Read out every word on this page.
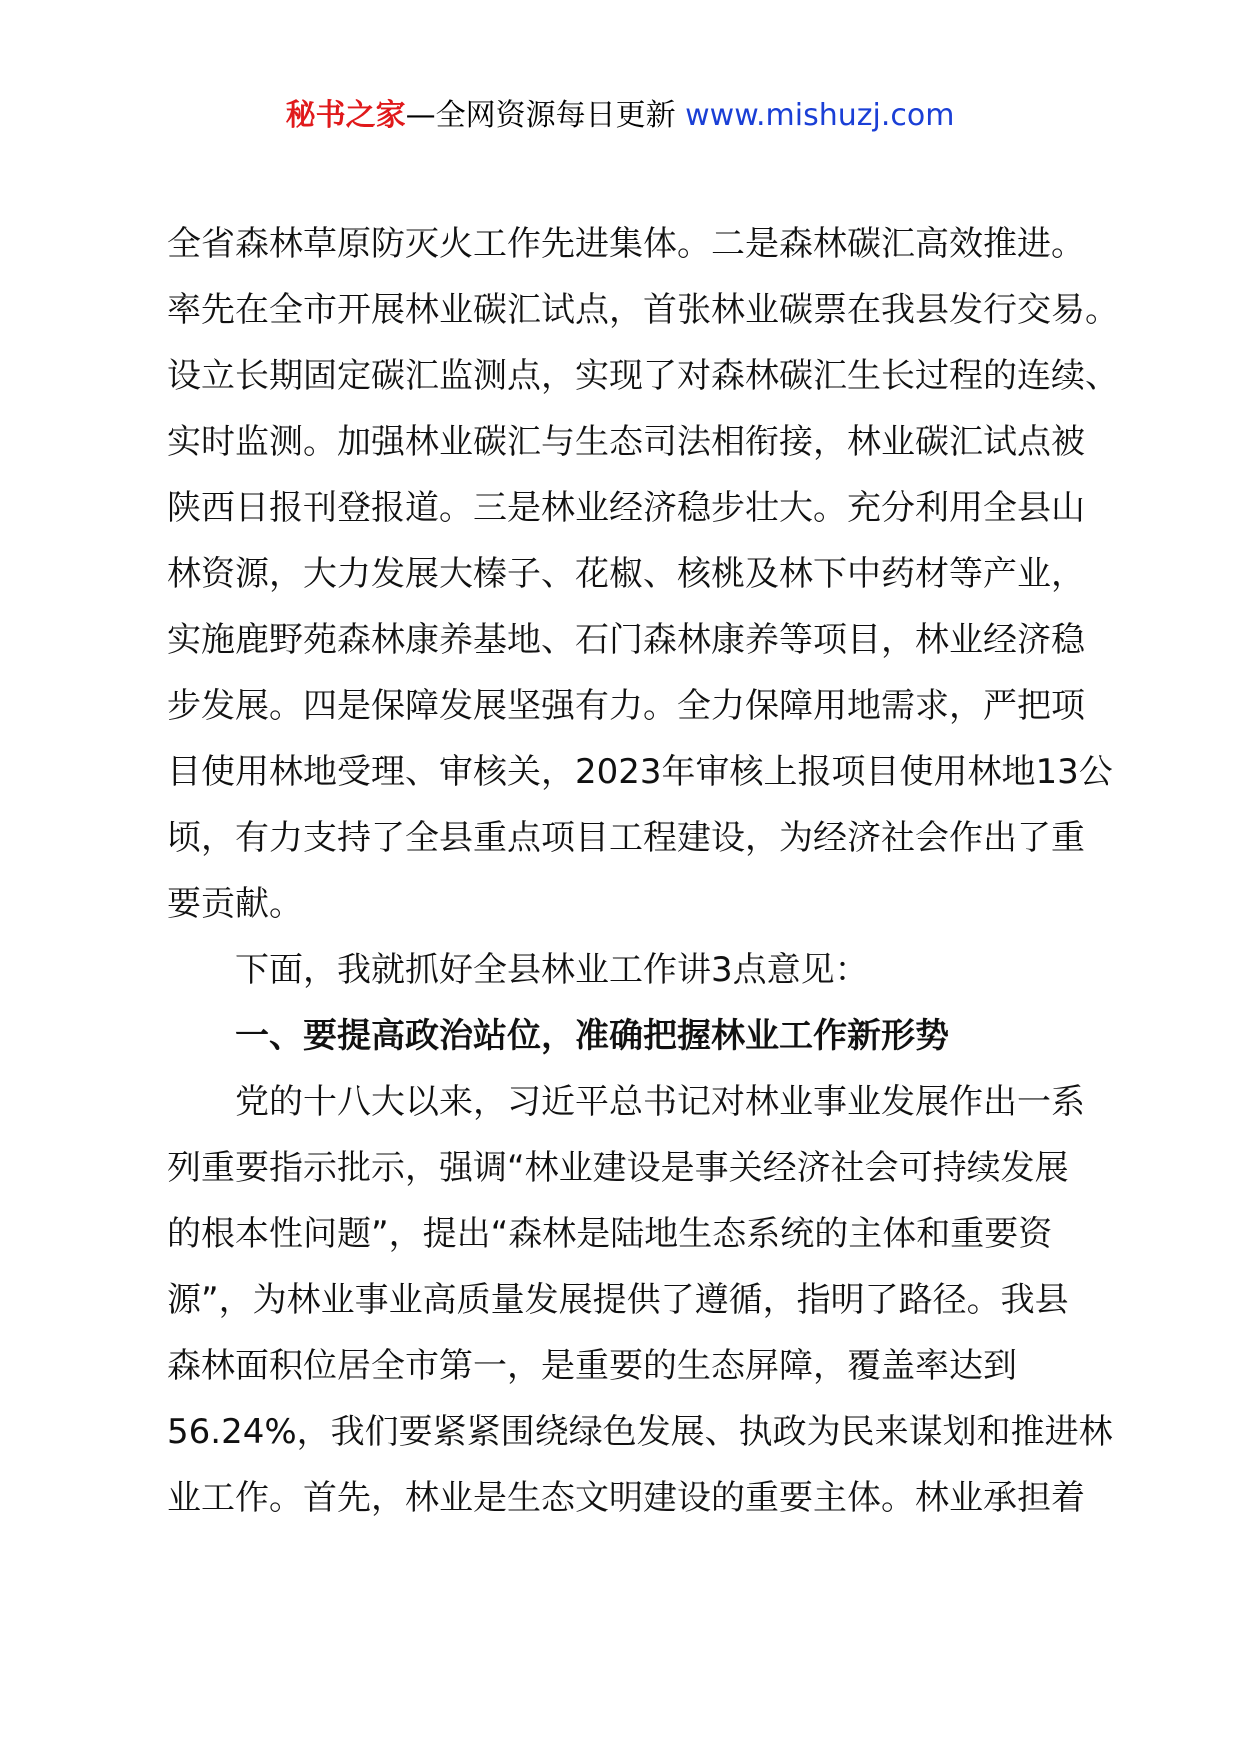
秘书之家—全网资源每日更新 www.mishuzj.com
全省森林草原防灭火工作先进集体。二是森林碳汇高效推进。
率先在全市开展林业碳汇试点，首张林业碳票在我县发行交易。
设立长期固定碳汇监测点，实现了对森林碳汇生长过程的连续、
实时监测。加强林业碳汇与生态司法相衔接，林业碳汇试点被
陕西日报刊登报道。三是林业经济稳步壮大。充分利用全县山
林资源，大力发展大榛子、花椒、核桃及林下中药材等产业，
实施鹿野苑森林康养基地、石门森林康养等项目，林业经济稳
步发展。四是保障发展坚强有力。全力保障用地需求，严把项
目使用林地受理、审核关，2023年审核上报项目使用林地13公
顷，有力支持了全县重点项目工程建设，为经济社会作出了重
要贡献。
下面，我就抓好全县林业工作讲3点意见：
一、要提高政治站位，准确把握林业工作新形势
党的十八大以来，习近平总书记对林业事业发展作出一系
列重要指示批示，强调“林业建设是事关经济社会可持续发展
的根本性问题”，提出“森林是陆地生态系统的主体和重要资
源”，为林业事业高质量发展提供了遵循，指明了路径。我县
森林面积位居全市第一，是重要的生态屏障，覆盖率达到
56.24%，我们要紧紧围绕绿色发展、执政为民来谋划和推进林
业工作。首先，林业是生态文明建设的重要主体。林业承担着
